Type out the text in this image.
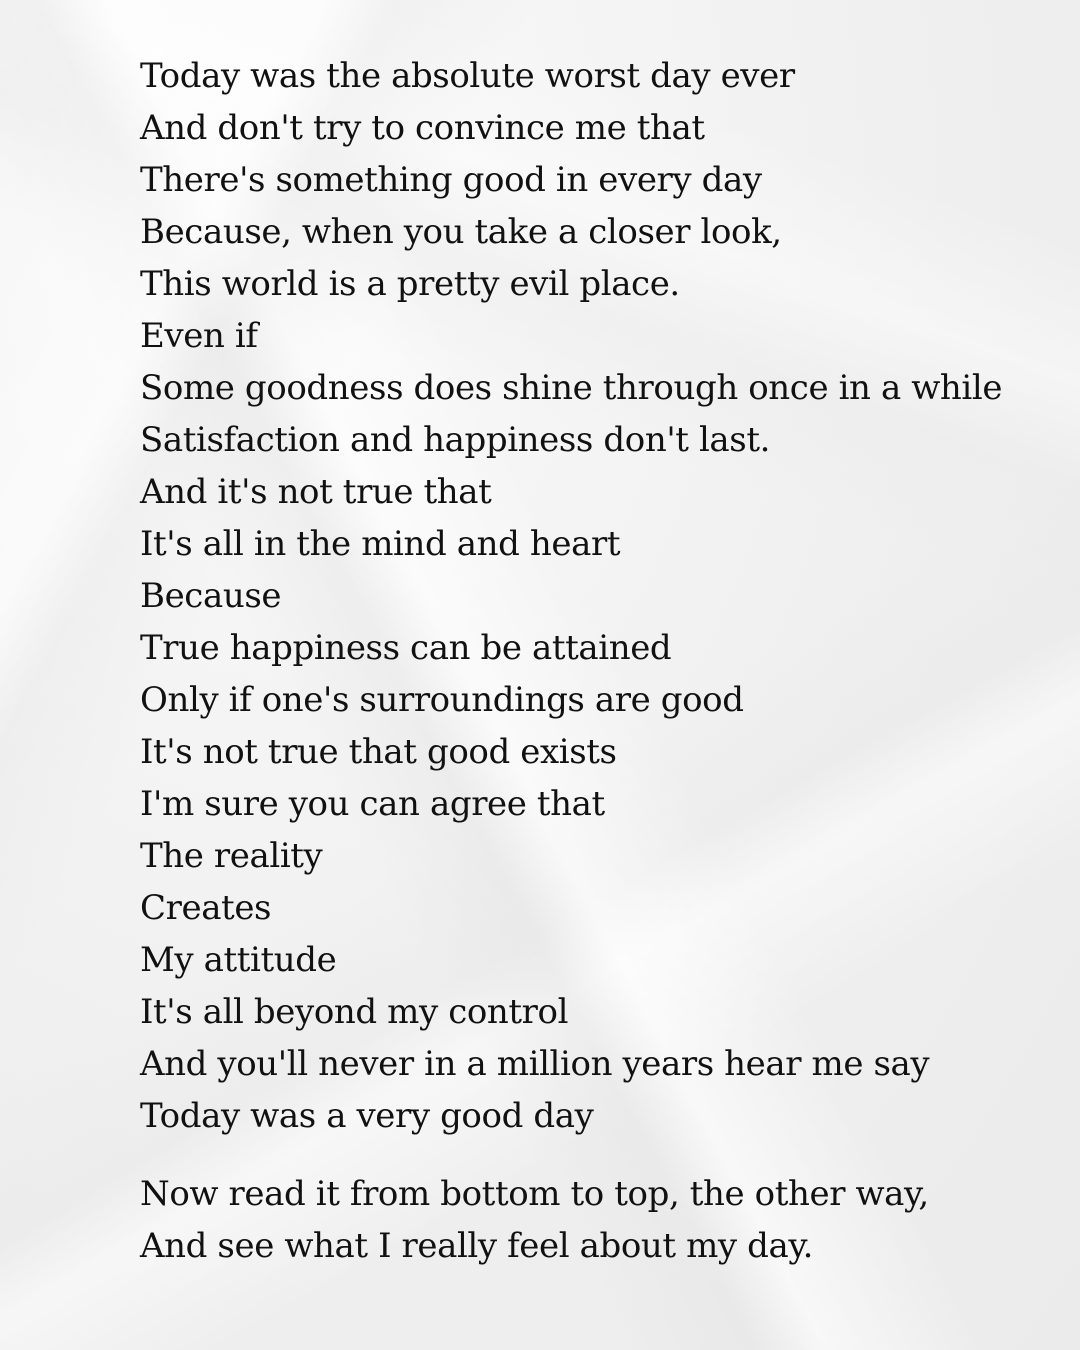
Today was the absolute worst day ever
And don't try to convince me that
There's something good in every day
Because, when you take a closer look,
This world is a pretty evil place.
Even if
Some goodness does shine through once in a while
Satisfaction and happiness don't last.
And it's not true that
It's all in the mind and heart
Because
True happiness can be attained
Only if one's surroundings are good
It's not true that good exists
I'm sure you can agree that
The reality
Creates
My attitude
It's all beyond my control
And you'll never in a million years hear me say
Today was a very good day
Now read it from bottom to top, the other way,
And see what I really feel about my day.
